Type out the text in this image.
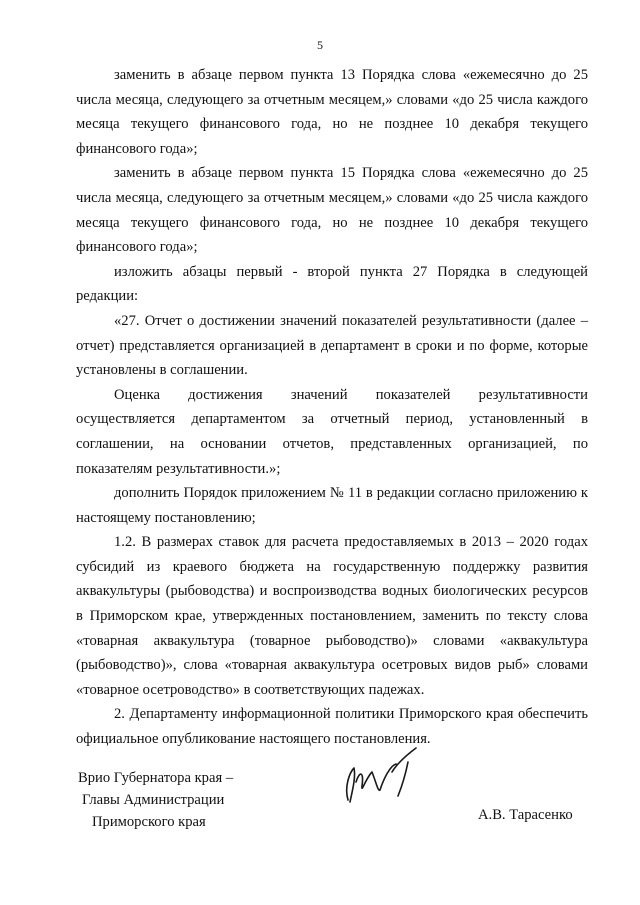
5

заменить в абзаце первом пункта 13 Порядка слова «ежемесячно до 25 числа месяца, следующего за отчетным месяцем,» словами «до 25 числа каждого месяца текущего финансового года, но не позднее 10 декабря текущего финансового года»;

заменить в абзаце первом пункта 15 Порядка слова «ежемесячно до 25 числа месяца, следующего за отчетным месяцем,» словами «до 25 числа каждого месяца текущего финансового года, но не позднее 10 декабря текущего финансового года»;

изложить абзацы первый - второй пункта 27 Порядка в следующей редакции:

«27. Отчет о достижении значений показателей результативности (далее – отчет) представляется организацией в департамент в сроки и по форме, которые установлены в соглашении.

Оценка достижения значений показателей результативности осуществляется департаментом за отчетный период, установленный в соглашении, на основании отчетов, представленных организацией, по показателям результативности.»;

дополнить Порядок приложением № 11 в редакции согласно приложению к настоящему постановлению;

1.2. В размерах ставок для расчета предоставляемых в 2013 – 2020 годах субсидий из краевого бюджета на государственную поддержку развития аквакультуры (рыбоводства) и воспроизводства водных биологических ресурсов в Приморском крае, утвержденных постановлением, заменить по тексту слова «товарная аквакультура (товарное рыбоводство)» словами «аквакультура (рыбоводство)», слова «товарная аквакультура осетровых видов рыб» словами «товарное осетроводство» в соответствующих падежах.

2. Департаменту информационной политики Приморского края обеспечить официальное опубликование настоящего постановления.

Врио Губернатора края –
Главы Администрации
Приморского края	А.В. Тарасенко
